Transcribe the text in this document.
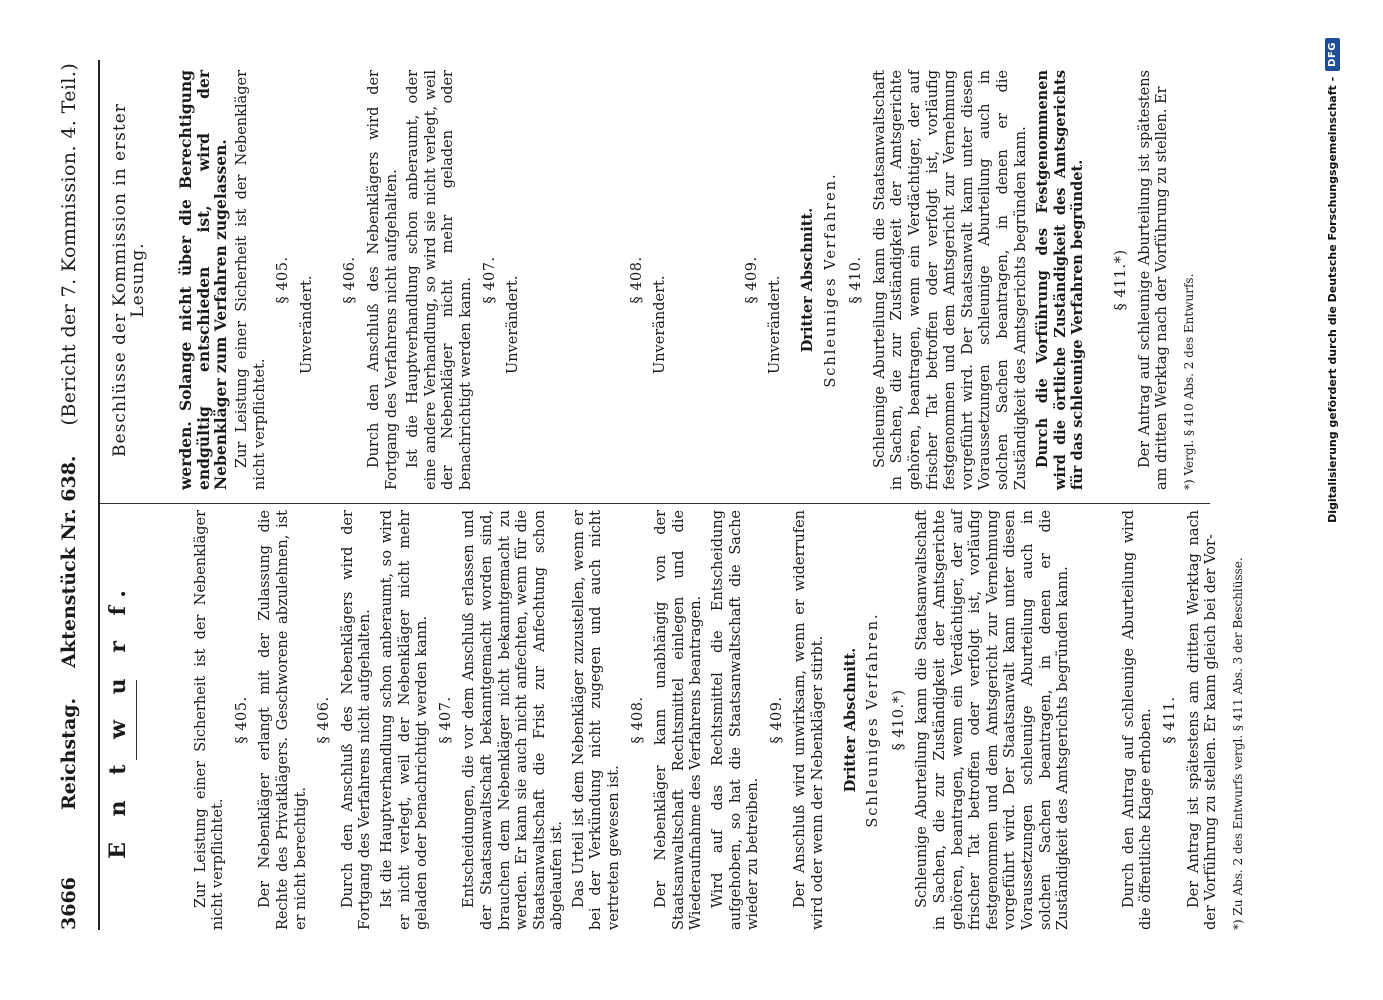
3666
Reichstag.
Aktenstück Nr. 638.
(Bericht der 7. Kommission. 4. Teil.)
E n t w u r f.	Zur Leistung einer Sicherheit ist der Nebenkläger nicht verpflichtet.

§ 405. Der Nebenkläger erlangt mit der Zulassung die Rechte des Privatklägers. Geschworene abzulehnen, ist er nicht berechtigt.

§ 406. Durch den Anschluß des Nebenklägers wird der Fortgang des Verfahrens nicht aufgehalten. Ist die Hauptverhandlung schon anberaumt, so wird er nicht verlegt, weil der Nebenkläger nicht mehr geladen oder benachrichtigt werden kann. § 407. Entscheidungen, die vor dem Anschluß erlassen und der Staatsanwaltschaft bekanntgemacht worden sind, brauchen dem Nebenkläger nicht bekanntgemacht zu werden. Er kann sie auch nicht anfechten, wenn für die Staatsanwaltschaft die Frist zur Anfechtung schon abgelaufen ist. Das Urteil ist dem Nebenkläger zuzustellen, wenn er bei der Verkündung nicht zugegen und auch nicht vertreten gewesen ist.

§ 408. Der Nebenkläger kann unabhängig von der Staatsanwaltschaft Rechtsmittel einlegen und die Wiederaufnahme des Verfahrens beantragen. Wird auf das Rechtsmittel die Entscheidung aufgehoben, so hat die Staatsanwaltschaft die Sache wieder zu betreiben.

§ 409. Der Anschluß wird unwirksam, wenn er widerrufen wird oder wenn der Nebenkläger stirbt. Dritter Abschnitt. Schleuniges Verfahren. § 410.*) Schleunige Aburteilung kann die Staatsanwaltschaft in Sachen, die zur Zuständigkeit der Amtsgerichte gehören, beantragen, wenn ein Verdächtiger, der auf frischer Tat betroffen oder verfolgt ist, vorläufig festgenommen und dem Amtsgericht zur Vernehmung vorgeführt wird. Der Staatsanwalt kann unter diesen Voraussetzungen schleunige Aburteilung auch in solchen Sachen beantragen, in denen er die Zuständigkeit des Amtsgerichts begründen kann.	Durch den Antrag auf schleunige Aburteilung wird die öffentliche Klage erhoben. § 411. Der Antrag ist spätestens am dritten Werktag nach der Vorführung zu stellen. Er kann gleich bei der Vor- *) Zu Abs. 2 des Entwurfs vergl. § 411 Abs. 3 der Beschlüsse.
Beschlüsse der Kommission in erster Lesung. werden. Solange nicht über die Berechtigung endgültig entschieden ist, wird der Nebenkläger zum Verfahren zugelassen. Zur Leistung einer Sicherheit ist der Nebenkläger nicht verpflichtet.

§ 405. Unverändert. § 406. Durch den Anschluß des Nebenklägers wird der Fortgang des Verfahrens nicht aufgehalten. Ist die Hauptverhandlung schon anberaumt, oder eine andere Verhandlung, so wird sie nicht verlegt, weil der Nebenkläger nicht mehr geladen oder benachrichtigt werden kann. § 407. Unverändert.	§ 408. Unverändert.	§ 409. Unverändert. Dritter Abschnitt. Schleuniges Verfahren. § 410. Schleunige Aburteilung kann die Staatsanwaltschaft in Sachen, die zur Zuständigkeit der Amtsgerichte gehören, beantragen, wenn ein Verdächtiger, der auf frischer Tat betroffen oder verfolgt ist, vorläufig festgenommen und dem Amtsgericht zur Vernehmung vorgeführt wird. Der Staatsanwalt kann unter diesen Voraussetzungen schleunige Aburteilung auch in solchen Sachen beantragen, in denen er die Zuständigkeit des Amtsgerichts begründen kann. Durch die Vorführung des Festgenommenen wird die örtliche Zuständigkeit des Amtsgerichts für das schleunige Verfahren begründet. § 411.*) Der Antrag auf schleunige Aburteilung ist spätestens am dritten Werktag nach der Vorführung zu stellen. Er *) Vergl. § 410 Abs. 2 des Entwurfs.	Digitalisierung gefördert durch die Deutsche Forschungsgemeinschaft -
DFG
